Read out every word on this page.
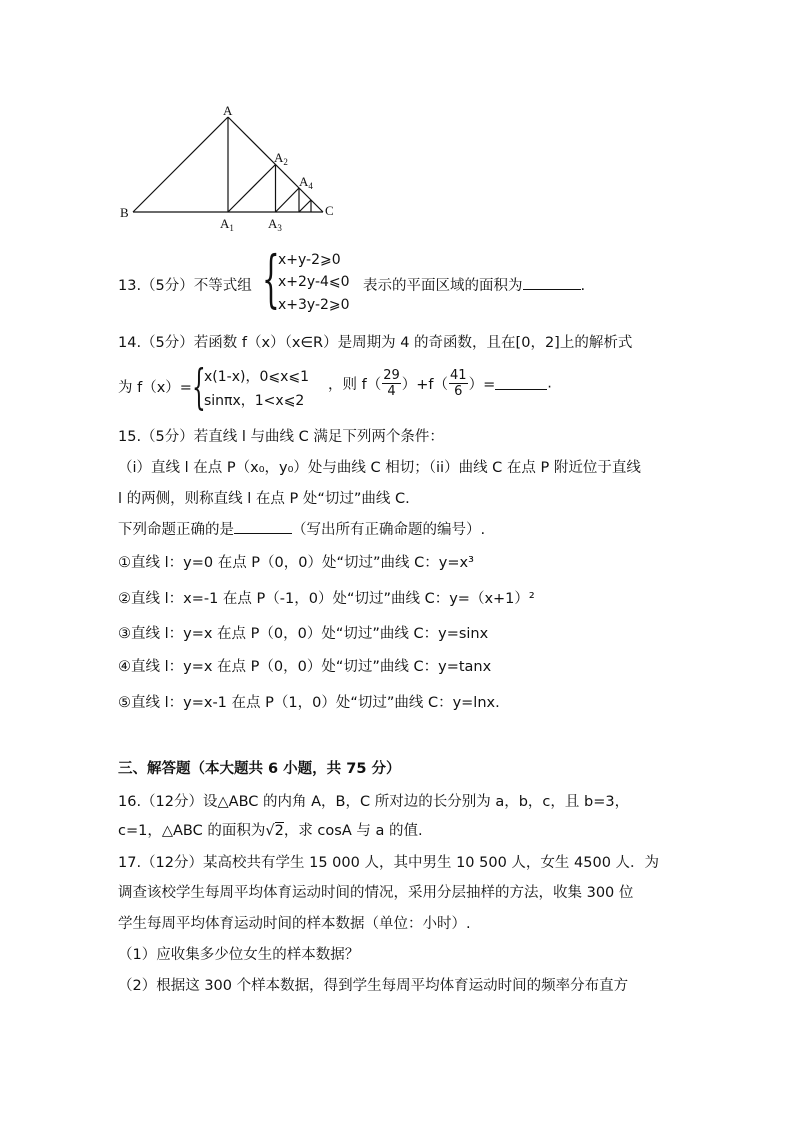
A
B	C
$A_1$
$A_2$
$A_3$
$A_4$
13.（5分）不等式组 {
x+y-2⩾0
x+2y-4⩽0
x+3y-2⩾0
表示的平面区域的面积为	.
14.（5分）若函数 f（x）（x∈R）是周期为 4 的奇函数，且在[0，2]上的解析式
为 f（x）= {
x(1-x)，0⩽x⩽1
sinπx，1<x⩽2
，则 $f( \frac{29}{4} )+f( \frac{41}{6}$ ）=	.
15.（5分）若直线 l 与曲线 C 满足下列两个条件：
（i）直线 l 在点 P（x₀，y₀）处与曲线 C 相切；（ii）曲线 C 在点 P 附近位于直线
l 的两侧，则称直线 l 在点 P 处“切过”曲线 C.
下列命题正确的是	（写出所有正确命题的编号）.
①直线 l：y=0 在点 P（0，0）处“切过”曲线 C：y=x³
②直线 l：x=-1 在点 P（-1，0）处“切过”曲线 C：y=（x+1）²
③直线 l：y=x 在点 P（0，0）处“切过”曲线 C：y=sinx
④直线 l：y=x 在点 P（0，0）处“切过”曲线 C：y=tanx
⑤直线 l：y=x-1 在点 P（1，0）处“切过”曲线 C：y=lnx.
三、解答题（本大题共 6 小题，共 75 分）
16.（12分）设△ABC 的内角 A，B，C 所对边的长分别为 a，b，c，且 b=3，
c=1，△ABC 的面积为√2，求 cosA 与 a 的值.
17.（12分）某高校共有学生 15 000 人，其中男生 10 500 人，女生 4500 人．为
调查该校学生每周平均体育运动时间的情况，采用分层抽样的方法，收集 300 位
学生每周平均体育运动时间的样本数据（单位：小时）.
（1）应收集多少位女生的样本数据？
（2）根据这 300 个样本数据，得到学生每周平均体育运动时间的频率分布直方
